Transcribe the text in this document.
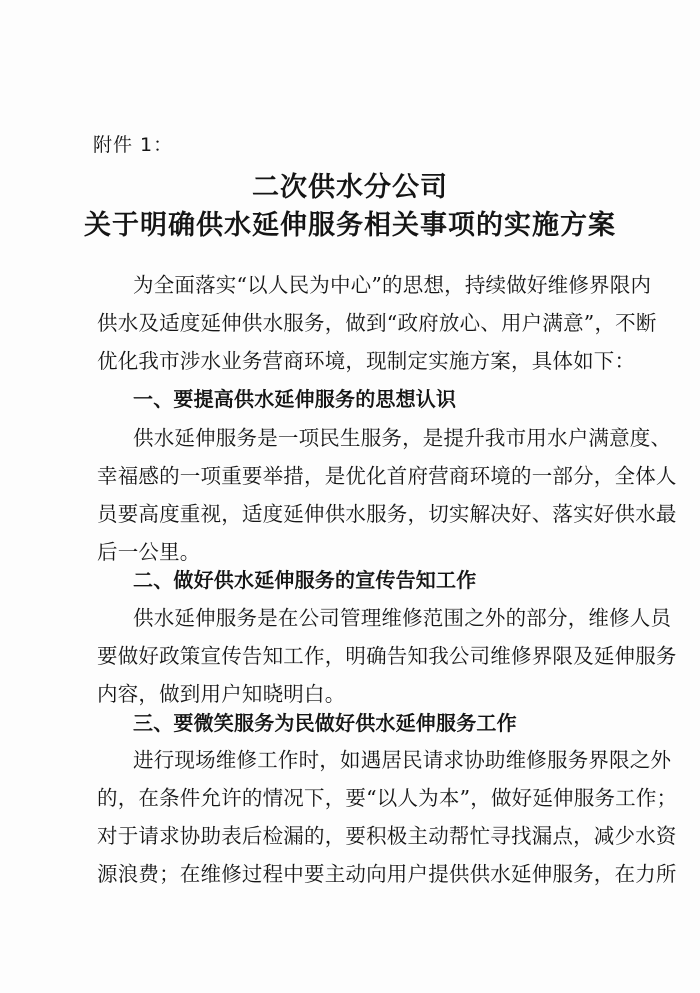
附件 1：
二次供水分公司
关于明确供水延伸服务相关事项的实施方案
为全面落实“以人民为中心”的思想，持续做好维修界限内
供水及适度延伸供水服务，做到“政府放心、用户满意”，不断
优化我市涉水业务营商环境，现制定实施方案，具体如下：
一、要提高供水延伸服务的思想认识
供水延伸服务是一项民生服务，是提升我市用水户满意度、
幸福感的一项重要举措，是优化首府营商环境的一部分，全体人
员要高度重视，适度延伸供水服务，切实解决好、落实好供水最
后一公里。
二、做好供水延伸服务的宣传告知工作
供水延伸服务是在公司管理维修范围之外的部分，维修人员
要做好政策宣传告知工作，明确告知我公司维修界限及延伸服务
内容，做到用户知晓明白。
三、要微笑服务为民做好供水延伸服务工作
进行现场维修工作时，如遇居民请求协助维修服务界限之外
的，在条件允许的情况下，要“以人为本”，做好延伸服务工作；
对于请求协助表后检漏的，要积极主动帮忙寻找漏点，减少水资
源浪费；在维修过程中要主动向用户提供供水延伸服务，在力所
